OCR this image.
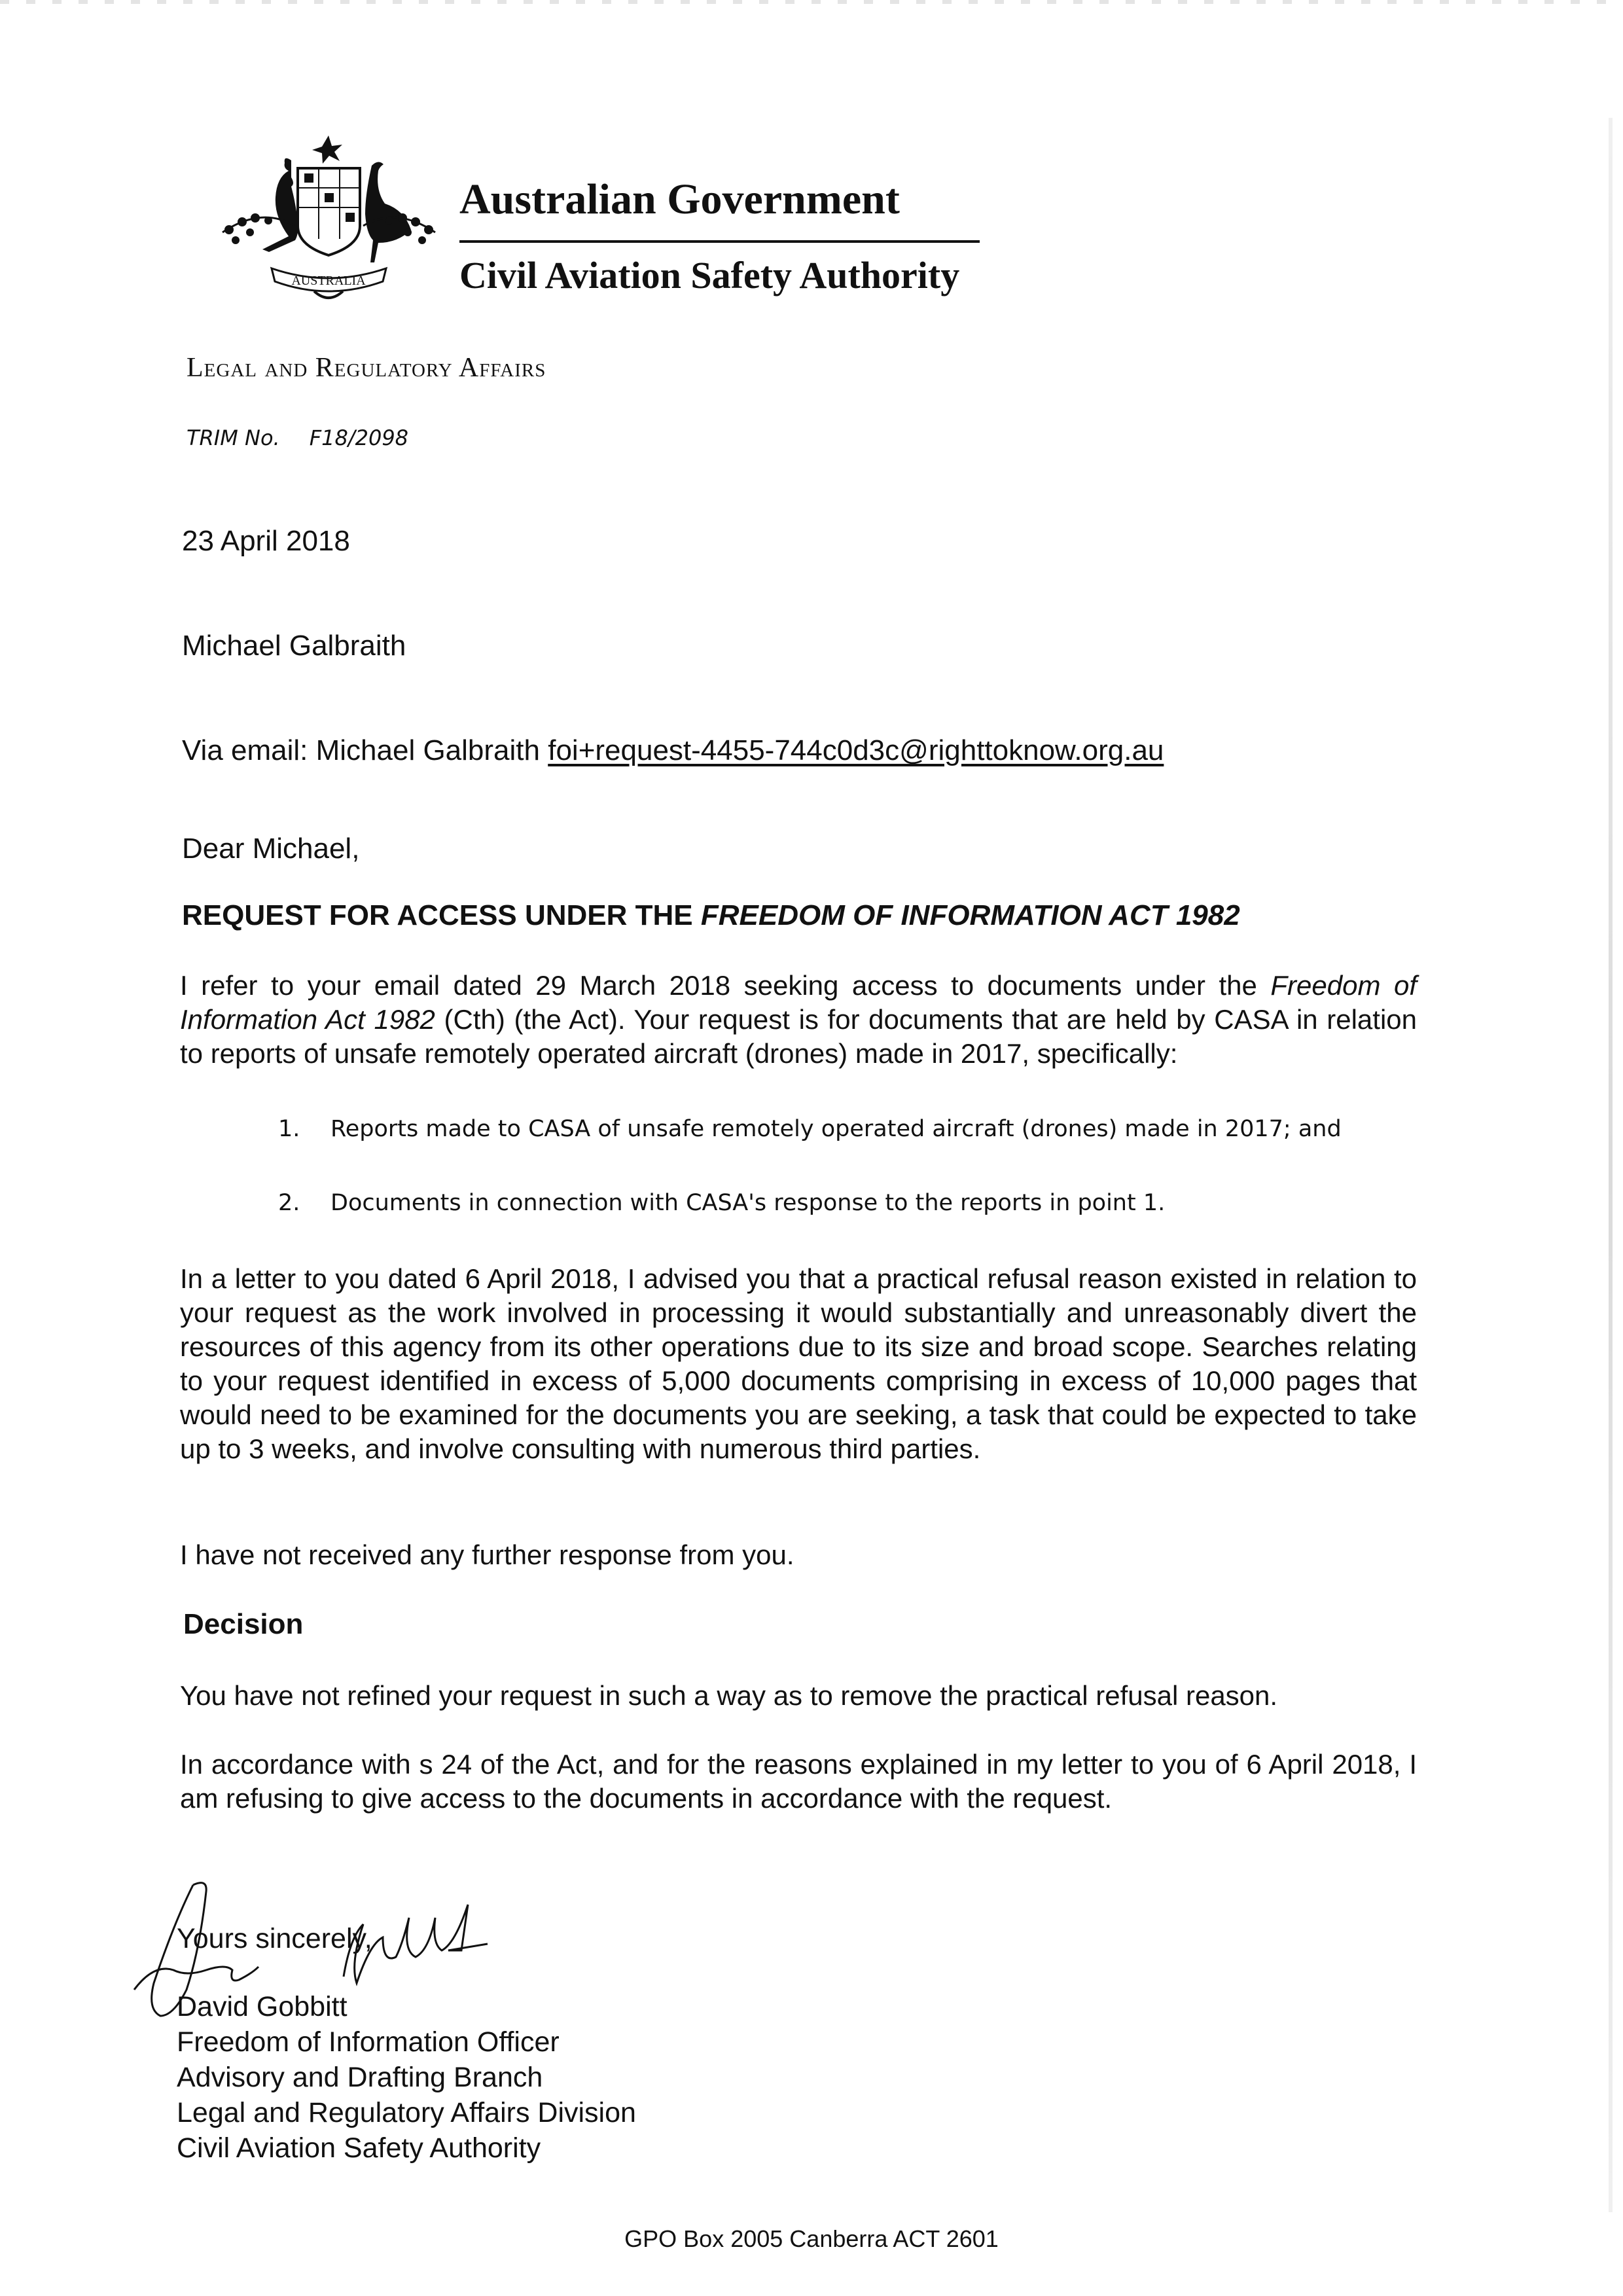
AUSTRALIA
Australian Government
Civil Aviation Safety Authority
Legal and Regulatory Affairs
TRIM No. F18/2098
23 April 2018
Michael Galbraith
Via email: Michael Galbraith foi+request-4455-744c0d3c@righttoknow.org.au
Dear Michael,
REQUEST FOR ACCESS UNDER THE FREEDOM OF INFORMATION ACT 1982
I refer to your email dated 29 March 2018 seeking access to documents under the Freedom of Information Act 1982 (Cth) (the Act). Your request is for documents that are held by CASA in relation to reports of unsafe remotely operated aircraft (drones) made in 2017, specifically:
1. Reports made to CASA of unsafe remotely operated aircraft (drones) made in 2017; and
2. Documents in connection with CASA's response to the reports in point 1.
In a letter to you dated 6 April 2018, I advised you that a practical refusal reason existed in relation to your request as the work involved in processing it would substantially and unreasonably divert the resources of this agency from its other operations due to its size and broad scope. Searches relating to your request identified in excess of 5,000 documents comprising in excess of 10,000 pages that would need to be examined for the documents you are seeking, a task that could be expected to take up to 3 weeks, and involve consulting with numerous third parties.
I have not received any further response from you.
Decision
You have not refined your request in such a way as to remove the practical refusal reason.
In accordance with s 24 of the Act, and for the reasons explained in my letter to you of 6 April 2018, I am refusing to give access to the documents in accordance with the request.
Yours sincerely,
David Gobbitt
Freedom of Information Officer
Advisory and Drafting Branch
Legal and Regulatory Affairs Division
Civil Aviation Safety Authority
GPO Box 2005 Canberra ACT 2601
